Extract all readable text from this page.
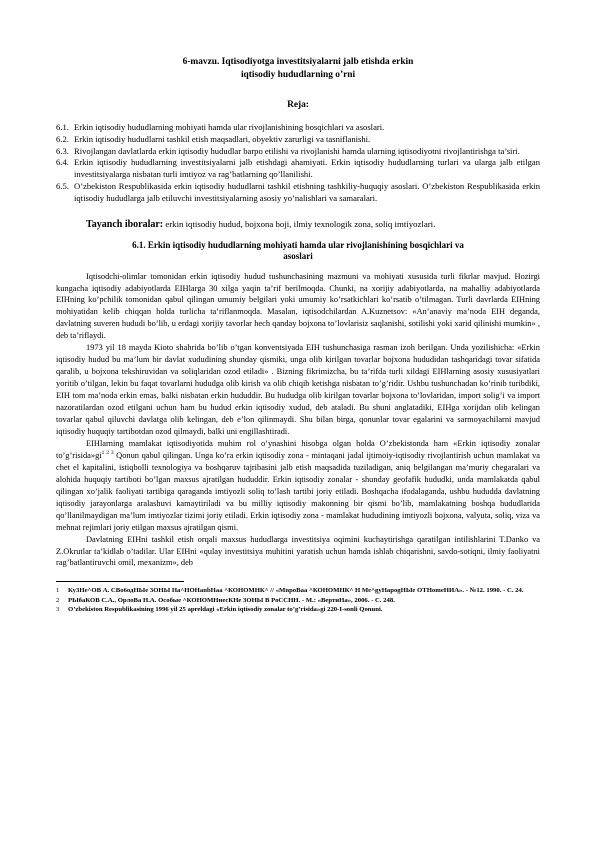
6-mavzu. Iqtisodiyotga investitsiyalarni jalb etishda erkin
iqtisodiy hududlarning o’rni
Reja:
6.1. Erkin iqtisodiy hududlarning mohiyati hamda ular rivojlanishining bosqichlari va asoslari.
6.2. Erkin iqtisodiy hududlarni tashkil etish maqsadlari, obyektiv zarurligi va tasniflanishi.
6.3. Rivojlangan davlatlarda erkin iqtisodiy hududlar barpo etilishi va rivojlanishi hamda ularning iqtisodiyotni rivojlantirishga ta’siri.
6.4. Erkin iqtisodiy hududlarning investitsiyalarni jalb etishdagi ahamiyati. Erkin iqtisodiy hududlarning turlari va ularga jalb etilgan investitsiyalarga nisbatan turli imtiyoz va rag’batlarning qo’llanilishi.
6.5. O’zbekiston Respublikasida erkin iqtisodiy hududlarni tashkil etishning tashkiliy-huquqiy asoslari. O’zbekiston Respublikasida erkin iqtisodiy hududlarga jalb etiluvchi investitsiyalarning asosiy yo’nalishlari va samaralari.
Tayanch iboralar: erkin iqtisodiy hudud, bojxona boji, ilmiy texnologik zona, soliq imtiyozlari.
6.1. Erkin iqtisodiy hududlarning mohiyati hamda ular rivojlanishining bosqichlari va
asoslari

Iqtisodchi-olimlar tomonidan erkin iqtisodiy hudud tushunchasining mazmuni va mohiyati xususida turli fikrlar mavjud. Hozirgi kungacha iqtisodiy adabiyotlarda EIHlarga 30 xilga yaqin ta’rif berilmoqda. Chunki, na xorijiy adabiyotlarda, na mahalliy adabiyotlarda EIHning ko’pchilik tomonidan qabul qilingan umumiy belgilari yoki umumiy ko’rsatkichlari ko’rsatib o’tilmagan. Turli davrlarda EIHning mohiyatidan kelib chiqqan holda turlicha ta’riflanmoqda. Masalan, iqtisodchilardan A.Kuznetsov: «An’anaviy ma’noda EIH deganda, davlatning suveren hududi bo’lib, u erdagi xorijiy tavorlar hech qanday bojxona to’lovlarisiz saqlanishi, sotilishi yoki xarid qilinishi mumkin» , deb ta’riflaydi.

1973 yil 18 mayda Kioto shahrida bo’lib o’tgan konventsiyada EIH tushunchasiga rasman izoh berilgan. Unda yozilishicha: «Erkin iqtisodiy hudud bu ma’lum bir davlat xududining shunday qismiki, unga olib kirilgan tovarlar bojxona hududidan tashqaridagi tovar sifatida qaralib, u bojxona tekshiruvidan va soliqlaridan ozod etiladi» . Bizning fikrimizcha, bu ta’rifda turli xildagi EIHlarning asosiy xususiyatlari yoritib o’tilgan, lekin bu faqat tovarlarni hududga olib kirish va olib chiqib ketishga nisbatan to’g’ridir. Ushbu tushunchadan ko’rinib turibdiki, EIH tom ma’noda erkin emas, balki nisbatan erkin hududdir. Bu hududga olib kirilgan tovarlar bojxona to’lovlaridan, import solig’i va import nazoratilardan ozod etilgani uchun ham bu hudud erkin iqtisodiy xudud, deb ataladi. Bu shuni anglatadiki, EIHga xorijdan olib kelingan tovarlar qabul qiluvchi davlatga olib kelingan, deb e’lon qilinmaydi. Shu bilan birga, qonunlar tovar egalarini va sarmoyachilarni mavjud iqtisodiy huquqiy tartibotdan ozod qilmaydi, balki uni engillashtiradi.

EIHlarning mamlakat iqtisodiyotida muhim rol o’ynashini hisobga olgan holda O’zbekistonda ham «Erkin iqtisodiy zonalar $to’g’risida»gi^{1 2 3}$ Qonun qabul qilingan. Unga ko’ra erkin iqtisodiy zona - mintaqani jadal ijtimoiy-iqtisodiy rivojlantirish uchun mamlakat va chet el kapitalini, istiqbolli texnologiya va boshqaruv tajribasini jalb etish maqsadida tuziladigan, aniq belgilangan ma’muriy chegaralari va alohida huquqiy tartiboti bo’lgan maxsus ajratilgan hududdir. Erkin iqtisodiy zonalar - shunday geofafik hududki, unda mamlakatda qabul qilingan xo’jalik faoliyati tartibiga qaraganda imtiyozli soliq to’lash tartibi joriy etiladi. Boshqacha ifodalaganda, ushbu hududda davlatning iqtisodiy jarayonlarga aralashuvi kamaytiriladi va bu milliy iqtisodiy makonning bir qismi bo’lib, mamlakatning boshqa hududlarida qo’llanilmaydigan ma’lum imtiyozlar tizimi joriy etiladi. Erkin iqtisodiy zona - mamlakat hududining imtiyozli bojxona, valyuta, soliq, viza va mehnat rejimlari joriy etilgan maxsus ajratilgan qismi.

Davlatning EIHni tashkil etish orqali maxsus hududlarga investitsiya oqimini kuchaytirishga qaratilgan intilishlarini T.Danko va Z.Okrutlar ta’kidlab o’tadilar. Ular EIHni «qulay investitsiya muhitini yaratish uchun hamda ishlab chiqarishni, savdo-sotiqni, ilmiy faoliyatni rag’batlantiruvchi omil, mexanizm», deb

1	Ку3Не^ОВ А. СВо6одНЫе 3ОНЫ На^НОНаnbНаa ^КОНОМНК^ // «МnроВаa ^КОНОМНК^ Н Ме^gyНapogНЫе ОТНomeНИА». - №12. 1990. - С. 24.
2	РЫбаКОВ С.А., ОрлоВа Н.А. Особые ^КОНОМНнесКНе 3ОНЫ В РоССНН. - М.: «ВертиНа», 2006. - С. 248.
3	O’zbekiston Respublikasining 1996 yil 25 apreldagi «Erkin iqtisodiy zonalar to’g’risida»gi 220-I-sonli Qonuni.
